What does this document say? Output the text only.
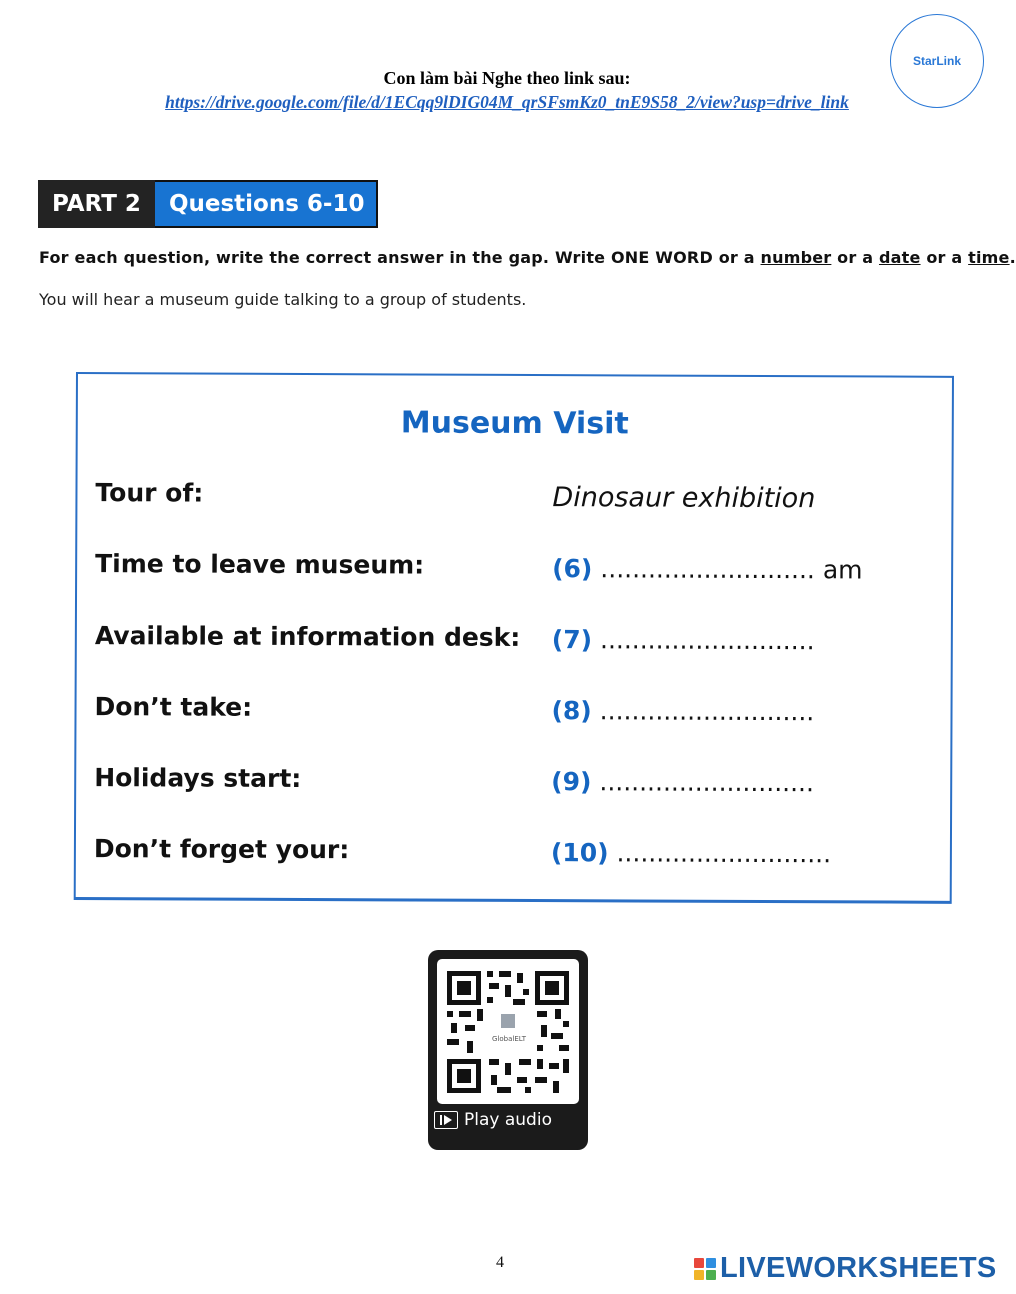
Con làm bài Nghe theo link sau:
https://drive.google.com/file/d/1ECqq9lDIG04M_qrSFsmKz0_tnE9S58_2/view?usp=drive_link
StarLink
PART 2	Questions 6-10
For each question, write the correct answer in the gap. Write ONE WORD or a number or a date or a time.
You will hear a museum guide talking to a group of students.
Museum Visit
Tour of:	Dinosaur exhibition
Time to leave museum:	(6) ........................... am
Available at information desk: (7) ...........................
Don’t take:	(8) ...........................
Holidays start:	(9) ...........................
Don’t forget your:	(10) ...........................
GlobalELT
Play audio
4	LIVEWORKSHEETS
